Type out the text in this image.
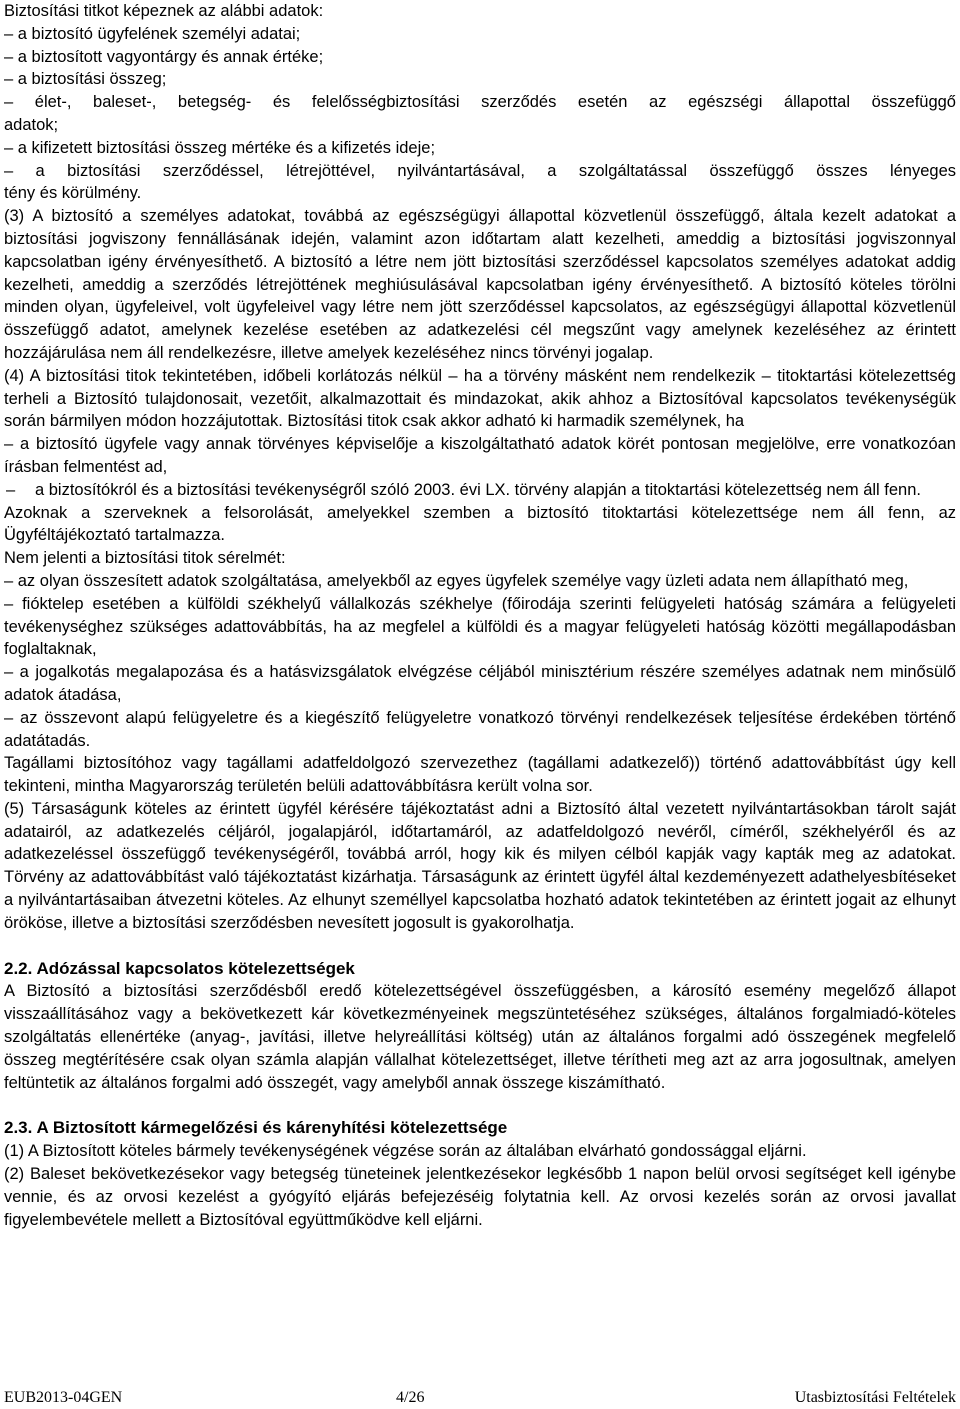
Biztosítási titkot képeznek az alábbi adatok:
– a biztosító ügyfelének személyi adatai;
– a biztosított vagyontárgy és annak értéke;
– a biztosítási összeg;
– élet-, baleset-, betegség- és felelősségbiztosítási szerződés esetén az egészségi állapottal összefüggő
adatok;
– a kifizetett biztosítási összeg mértéke és a kifizetés ideje;
– a biztosítási szerződéssel, létrejöttével, nyilvántartásával, a szolgáltatással összefüggő összes lényeges
tény és körülmény.
(3) A biztosító a személyes adatokat, továbbá az egészségügyi állapottal közvetlenül összefüggő, általa kezelt adatokat a biztosítási jogviszony fennállásának idején, valamint azon időtartam alatt kezelheti, ameddig a biztosítási jogviszonnyal kapcsolatban igény érvényesíthető. A biztosító a létre nem jött biztosítási szerződéssel kapcsolatos személyes adatokat addig kezelheti, ameddig a szerződés létrejöttének meghiúsulásával kapcsolatban igény érvényesíthető. A biztosító köteles törölni minden olyan, ügyfeleivel, volt ügyfeleivel vagy létre nem jött szerződéssel kapcsolatos, az egészségügyi állapottal közvetlenül összefüggő adatot, amelynek kezelése esetében az adatkezelési cél megszűnt vagy amelynek kezeléséhez az érintett hozzájárulása nem áll rendelkezésre, illetve amelyek kezeléséhez nincs törvényi jogalap.
(4) A biztosítási titok tekintetében, időbeli korlátozás nélkül – ha a törvény másként nem rendelkezik – titoktartási kötelezettség terheli a Biztosító tulajdonosait, vezetőit, alkalmazottait és mindazokat, akik ahhoz a Biztosítóval kapcsolatos tevékenységük során bármilyen módon hozzájutottak. Biztosítási titok csak akkor adható ki harmadik személynek, ha
– a biztosító ügyfele vagy annak törvényes képviselője a kiszolgáltatható adatok körét pontosan megjelölve, erre vonatkozóan írásban felmentést ad,
– a biztosítókról és a biztosítási tevékenységről szóló 2003. évi LX. törvény alapján a titoktartási kötelezettség nem áll fenn.
Azoknak a szerveknek a felsorolását, amelyekkel szemben a biztosító titoktartási kötelezettsége nem áll fenn, az Ügyféltájékoztató tartalmazza.
Nem jelenti a biztosítási titok sérelmét:
– az olyan összesített adatok szolgáltatása, amelyekből az egyes ügyfelek személye vagy üzleti adata nem állapítható meg,
– fióktelep esetében a külföldi székhelyű vállalkozás székhelye (főirodája szerinti felügyeleti hatóság számára a felügyeleti tevékenységhez szükséges adattovábbítás, ha az megfelel a külföldi és a magyar felügyeleti hatóság közötti megállapodásban foglaltaknak,
– a jogalkotás megalapozása és a hatásvizsgálatok elvégzése céljából minisztérium részére személyes adatnak nem minősülő adatok átadása,
– az összevont alapú felügyeletre és a kiegészítő felügyeletre vonatkozó törvényi rendelkezések teljesítése érdekében történő adatátadás.
Tagállami biztosítóhoz vagy tagállami adatfeldolgozó szervezethez (tagállami adatkezelő)) történő adattovábbítást úgy kell tekinteni, mintha Magyarország területén belüli adattovábbításra került volna sor.
(5) Társaságunk köteles az érintett ügyfél kérésére tájékoztatást adni a Biztosító által vezetett nyilvántartásokban tárolt saját adatairól, az adatkezelés céljáról, jogalapjáról, időtartamáról, az adatfeldolgozó nevéről, címéről, székhelyéről és az adatkezeléssel összefüggő tevékenységéről, továbbá arról, hogy kik és milyen célból kapják vagy kapták meg az adatokat. Törvény az adattovábbítást való tájékoztatást kizárhatja. Társaságunk az érintett ügyfél által kezdeményezett adathelyesbítéseket a nyilvántartásaiban átvezetni köteles. Az elhunyt személlyel kapcsolatba hozható adatok tekintetében az érintett jogait az elhunyt örököse, illetve a biztosítási szerződésben nevesített jogosult is gyakorolhatja.
2.2. Adózással kapcsolatos kötelezettségek
A Biztosító a biztosítási szerződésből eredő kötelezettségével összefüggésben, a károsító esemény megelőző állapot visszaállításához vagy a bekövetkezett kár következményeinek megszüntetéséhez szükséges, általános forgalmiadó-köteles szolgáltatás ellenértéke (anyag-, javítási, illetve helyreállítási költség) után az általános forgalmi adó összegének megfelelő összeg megtérítésére csak olyan számla alapján vállalhat kötelezettséget, illetve térítheti meg azt az arra jogosultnak, amelyen feltüntetik az általános forgalmi adó összegét, vagy amelyből annak összege kiszámítható.
2.3. A Biztosított kármegelőzési és kárenyhítési kötelezettsége
(1) A Biztosított köteles bármely tevékenységének végzése során az általában elvárható gondossággal eljárni.
(2) Baleset bekövetkezésekor vagy betegség tüneteinek jelentkezésekor legkésőbb 1 napon belül orvosi segítséget kell igénybe vennie, és az orvosi kezelést a gyógyító eljárás befejezéséig folytatnia kell. Az orvosi kezelés során az orvosi javallat figyelembevétele mellett a Biztosítóval együttműködve kell eljárni.
EUB2013-04GEN	4/26	Utasbiztosítási Feltételek
